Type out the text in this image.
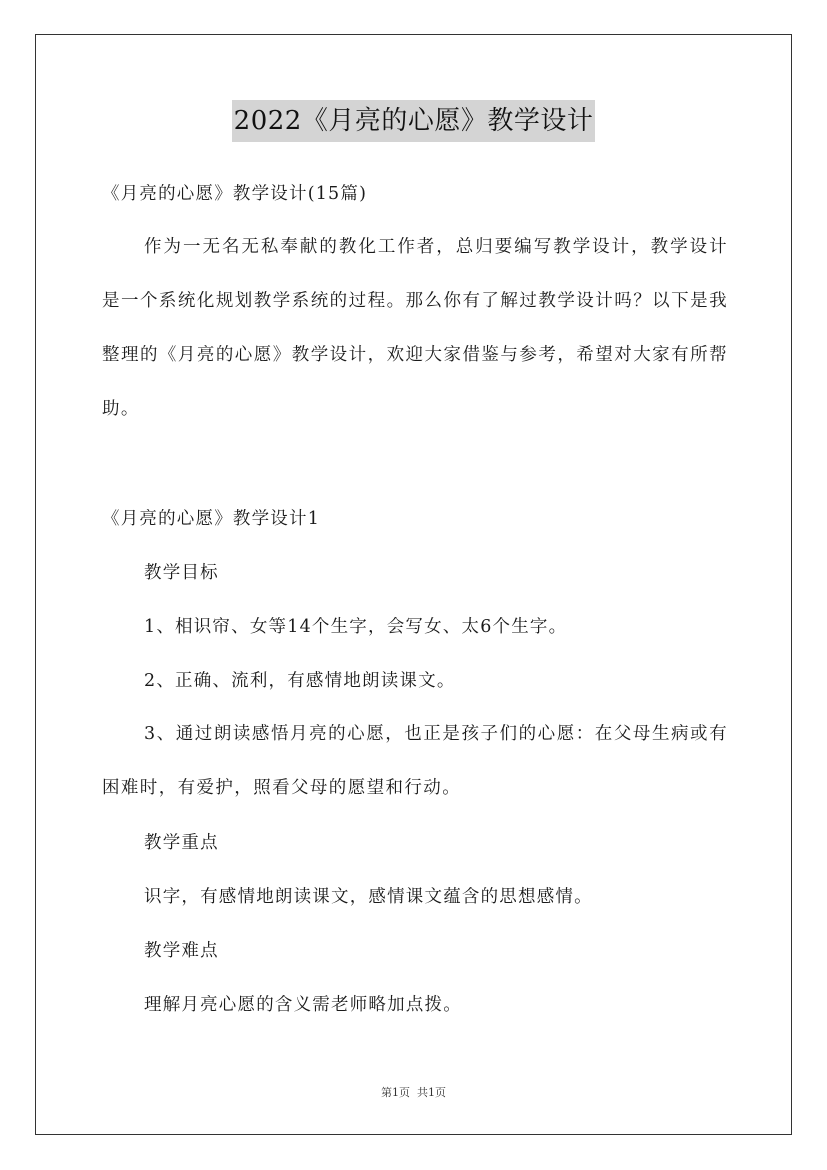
2022《月亮的心愿》教学设计
《月亮的心愿》教学设计(15篇)
作为一无名无私奉献的教化工作者，总归要编写教学设计，教学设计是一个系统化规划教学系统的过程。那么你有了解过教学设计吗？以下是我整理的《月亮的心愿》教学设计，欢迎大家借鉴与参考，希望对大家有所帮助。
《月亮的心愿》教学设计1
教学目标
1、相识帘、女等14个生字，会写女、太6个生字。
2、正确、流利，有感情地朗读课文。
3、通过朗读感悟月亮的心愿，也正是孩子们的心愿：在父母生病或有困难时，有爱护，照看父母的愿望和行动。
教学重点
识字，有感情地朗读课文，感情课文蕴含的思想感情。
教学难点
理解月亮心愿的含义需老师略加点拨。
第1页  共1页
